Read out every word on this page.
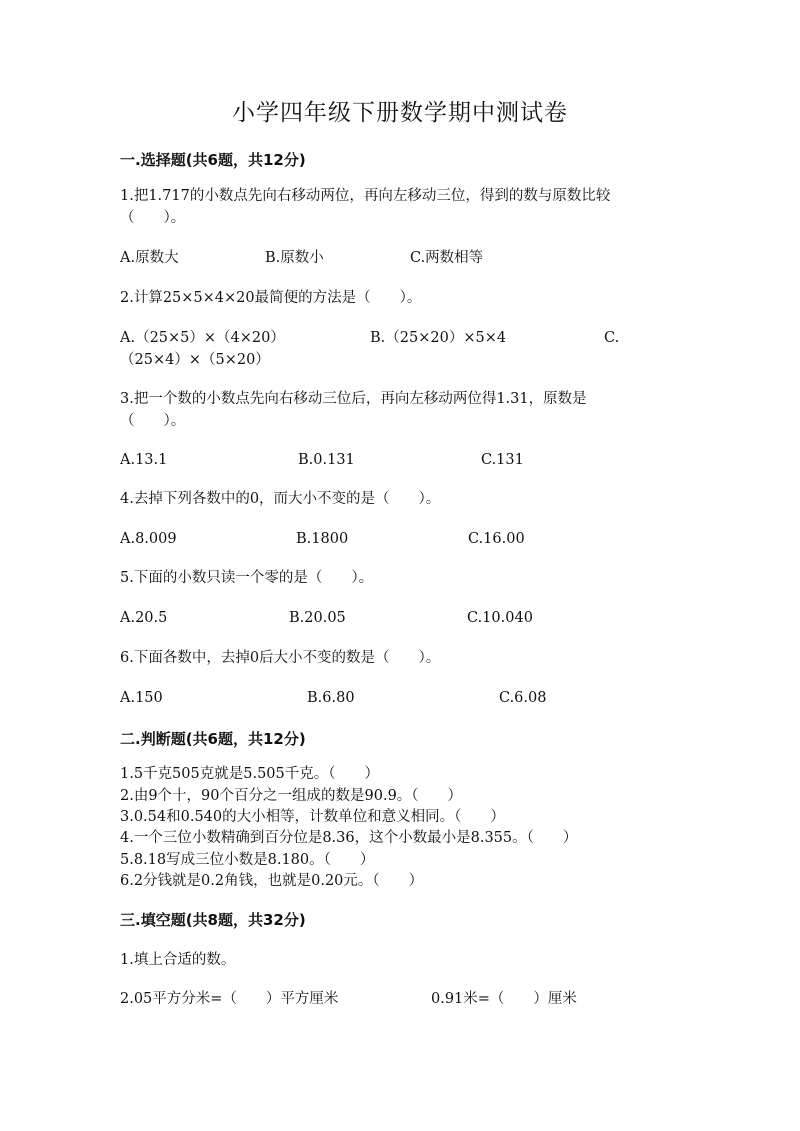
小学四年级下册数学期中测试卷
一.选择题(共6题，共12分)
1.把1.717的小数点先向右移动两位，再向左移动三位，得到的数与原数比较
（　　）。
A.原数大	B.原数小	C.两数相等
2.计算25×5×4×20最简便的方法是（　　）。
A.（25×5）×（4×20）	B.（25×20）×5×4	C.
（25×4）×（5×20）
3.把一个数的小数点先向右移动三位后，再向左移动两位得1.31，原数是
（　　）。
A.13.1	B.0.131	C.131
4.去掉下列各数中的0，而大小不变的是（　　）。
A.8.009	B.1800	C.16.00
5.下面的小数只读一个零的是（　　）。
A.20.5	B.20.05	C.10.040
6.下面各数中，去掉0后大小不变的数是（　　）。
A.150	B.6.80	C.6.08
二.判断题(共6题，共12分)
1.5千克505克就是5.505千克。（　　）
2.由9个十，90个百分之一组成的数是90.9。（　　）
3.0.54和0.540的大小相等，计数单位和意义相同。（　　）
4.一个三位小数精确到百分位是8.36，这个小数最小是8.355。（　　）
5.8.18写成三位小数是8.180。（　　）
6.2分钱就是0.2角钱，也就是0.20元。（　　）
三.填空题(共8题，共32分)
1.填上合适的数。
2.05平方分米=（　　）平方厘米	0.91米=（　　）厘米
